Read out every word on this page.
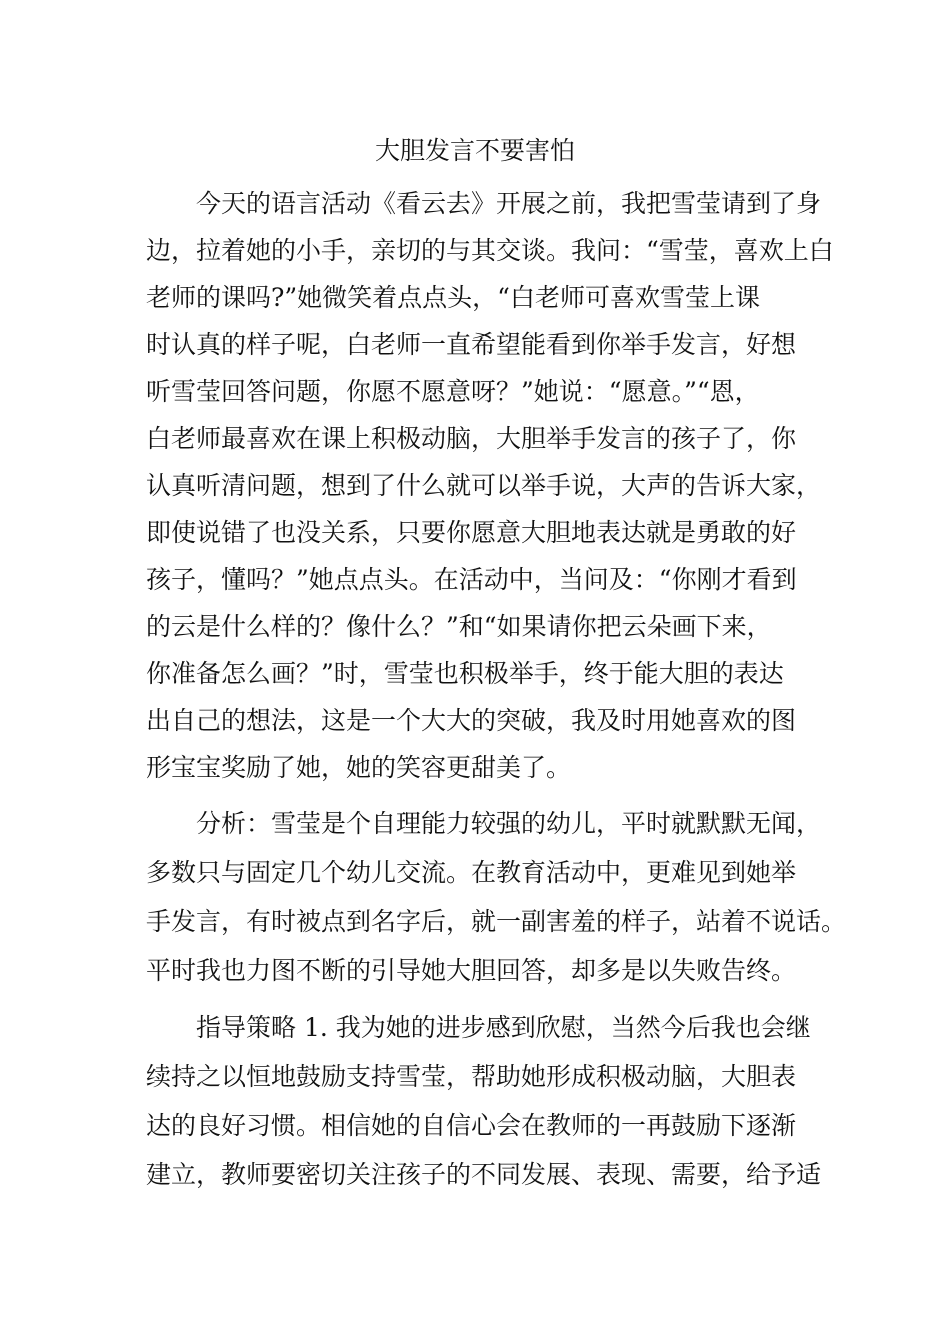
大胆发言不要害怕
今天的语言活动《看云去》开展之前，我把雪莹请到了身
边，拉着她的小手，亲切的与其交谈。我问：“雪莹，喜欢上白
老师的课吗?”她微笑着点点头，“白老师可喜欢雪莹上课
时认真的样子呢，白老师一直希望能看到你举手发言，好想
听雪莹回答问题，你愿不愿意呀？”她说：“愿意。”“恩，
白老师最喜欢在课上积极动脑，大胆举手发言的孩子了，你
认真听清问题，想到了什么就可以举手说，大声的告诉大家，
即使说错了也没关系，只要你愿意大胆地表达就是勇敢的好
孩子，懂吗？”她点点头。在活动中，当问及：“你刚才看到
的云是什么样的？像什么？”和“如果请你把云朵画下来，
你准备怎么画？”时，雪莹也积极举手，终于能大胆的表达
出自己的想法，这是一个大大的突破，我及时用她喜欢的图
形宝宝奖励了她，她的笑容更甜美了。
分析：雪莹是个自理能力较强的幼儿，平时就默默无闻，
多数只与固定几个幼儿交流。在教育活动中，更难见到她举
手发言，有时被点到名字后，就一副害羞的样子，站着不说话。
平时我也力图不断的引导她大胆回答，却多是以失败告终。
指导策略 1. 我为她的进步感到欣慰，当然今后我也会继
续持之以恒地鼓励支持雪莹，帮助她形成积极动脑，大胆表
达的良好习惯。相信她的自信心会在教师的一再鼓励下逐渐
建立，教师要密切关注孩子的不同发展、表现、需要，给予适
